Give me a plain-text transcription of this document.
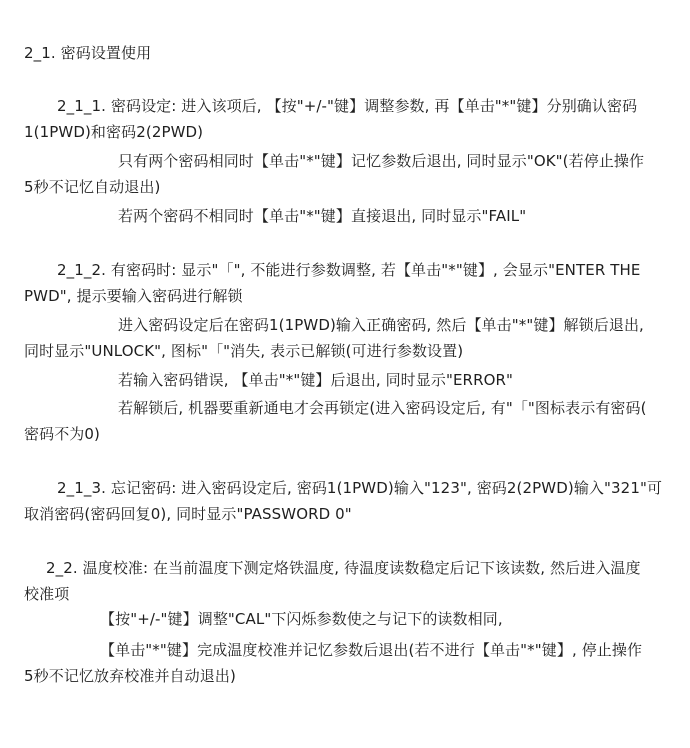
2_1. 密码设置使用
2_1_1. 密码设定: 进入该项后, 【按"+/-"键】调整参数, 再【单击"*"键】分别确认密码
1(1PWD)和密码2(2PWD)
只有两个密码相同时【单击"*"键】记忆参数后退出, 同时显示"OK"(若停止操作
5秒不记忆自动退出)
若两个密码不相同时【单击"*"键】直接退出, 同时显示"FAIL"
2_1_2. 有密码时: 显示"「", 不能进行参数调整, 若【单击"*"键】, 会显示"ENTER THE
PWD", 提示要输入密码进行解锁
进入密码设定后在密码1(1PWD)输入正确密码, 然后【单击"*"键】解锁后退出,
同时显示"UNLOCK", 图标"「"消失, 表示已解锁(可进行参数设置)
若输入密码错误, 【单击"*"键】后退出, 同时显示"ERROR"
若解锁后, 机器要重新通电才会再锁定(进入密码设定后, 有"「"图标表示有密码(
密码不为0)
2_1_3. 忘记密码: 进入密码设定后, 密码1(1PWD)输入"123", 密码2(2PWD)输入"321"可
取消密码(密码回复0), 同时显示"PASSWORD 0"
2_2. 温度校准: 在当前温度下测定烙铁温度, 待温度读数稳定后记下该读数, 然后进入温度
校准项
【按"+/-"键】调整"CAL"下闪烁参数使之与记下的读数相同,
【单击"*"键】完成温度校准并记忆参数后退出(若不进行【单击"*"键】, 停止操作
5秒不记忆放弃校准并自动退出)
